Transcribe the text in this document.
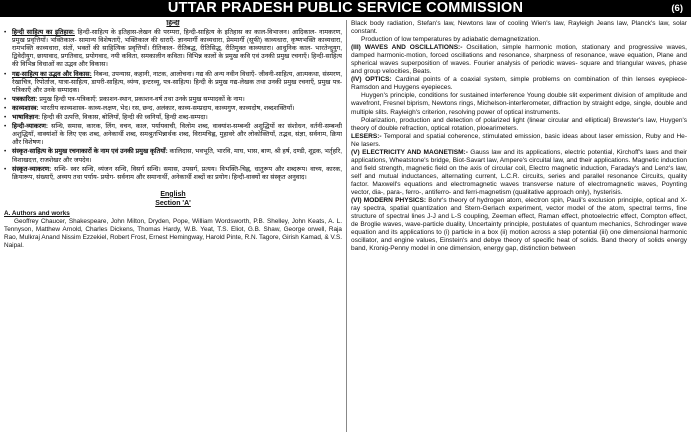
UTTAR PRADESH PUBLIC SERVICE COMMISSION	(6)
हिन्दी
• हिन्दी साहित्य का इतिहास: हिन्दी-साहित्य के इतिहास-लेखन की परम्परा, हिन्दी-साहित्य के इतिहास का काल-विभाजन। आदिकाल- नामकरण, प्रमुख प्रवृत्तियाँ। भक्तिकाल- सामान्य विशेषताएँ, भक्तिकाल की धाराएँ- ज्ञानमार्गी काव्यधारा, प्रेममार्गी (सूफी) काव्यधारा, कृष्णभक्ति काव्यधारा, रामभक्ति काव्यधारा, संतों, भक्तों की साहित्यिक प्रवृत्तियाँ। रीतिकाल- रीतिबद्ध, रीतिसिद्ध, रीतिमुक्त काव्यधारा। आधुनिक काल- भारतेन्दुयुग, द्विवेदीयुग, छायावाद, प्रगतिवाद, प्रयोगवाद, नयी कविता, समकालीन कविता। विभिन्न कालों के प्रमुख कवि एवं उनकी प्रमुख रचनाएँ। हिन्दी-साहित्य की विभिन्न विधाओं का उद्भव और विकास।
• गद्य-साहित्य का उद्भव और विकास: निबन्ध, उपन्यास, कहानी, नाटक, आलोचना। गद्य की अन्य नवीन विधाएँ- जीवनी-साहित्य, आत्मकथा, संस्मरण, रेखाचित्र, रिपोर्ताज, यात्रा-साहित्य, डायरी-साहित्य, व्यंग्य, इन्टरव्यू, पत्र-साहित्य। हिन्दी के प्रमुख गद्य-लेखक तथा उनकी प्रमुख रचनाएँ, प्रमुख पत्र-पत्रिकाएँ और उनके सम्पादक।
• पत्रकारिता: प्रमुख हिन्दी पत्र-पत्रिकाएँ: प्रकाशन-स्थान, प्रकाशन-वर्ष तथा उनके प्रमुख सम्पादकों के नाम।
• काव्यशास्त्र: भारतीय काव्यशास्त्र- काव्य-लक्षण, भेद। रस, छन्द, अलंकार, काव्य-सम्प्रदाय, काव्यगुण, काव्यदोष, शब्दशक्तियाँ।
• भाषाविज्ञान: हिन्दी की उत्पत्ति, विकास, बोलियाँ, हिन्दी की ध्वनियाँ, हिन्दी शब्द-सम्पदा।
• हिन्दी-व्याकरण: सन्धि, समास, कारक, लिंग, वचन, काल, पर्यायवाची, विलोम शब्द, वाक्यांश-सम्बन्धी अशुद्धियों का संशोधन, वर्तनी-सम्बन्धी अशुद्धियाँ, वाक्यांशों के लिए एक शब्द, अनेकार्थी शब्द, समश्रुतभिन्नार्थक शब्द, विरामचिह्न, मुहावरे और लोकोक्तियाँ, तद्भव, संज्ञा, सर्वनाम, क्रिया और विशेषण।
• संस्कृत-साहित्य के प्रमुख रचनाकारों के नाम एवं उनकी प्रमुख कृतियाँ: कालिदास, भवभूति, भारवि, माघ, भास, बाण, श्री हर्ष, दण्डी, शूद्रक, भर्तृहरि, विशाखदत्त, राजशेखर और जयदेव।
• संस्कृत-व्याकरण: सन्धि- स्वर सन्धि, व्यंजन सन्धि, विसर्ग सन्धि। समास, उपसर्ग, प्रत्यय। विभक्ति-चिह्न, धातुरूप और शब्दरूप। वाच्य, कारक, क्रियारूप, संख्याएँ, अव्यय तथा पर्याय- प्रयोग- सर्वनाम और समानार्थी, अनेकार्थी शब्दों का प्रयोग। हिन्दी-वाक्यों का संस्कृत अनुवाद।
English
Section 'A'
A. Authors and works
Geoffrey Chaucer, Shakespeare, John Milton, Dryden, Pope, William Wordsworth, P.B. Shelley, John Keats, A. L. Tennyson, Matthew Arnold, Charles Dickens, Thomas Hardy, W.B. Yeat, T.S. Eliot, G.B. Shaw, George orwell, Raja Rao, Mulkraj Anand Nissim Ezzekiel, Robert Frost, Ernest Hemingway, Harold Pinte, R.N. Tagore, Girish Kamad, & V.S. Naipal.
Black body radiation, Stefan's law, Newtons law of cooling Wien's law, Rayleigh Jeans law, Planck's law, solar constant.
Production of low temperatures by adiabatic demagnetization.
(III) WAVES AND OSCILLATIONS:- Oscillation, simple harmonic motion, stationary and progressive waves, damped harmonic-motion, forced oscillations and resonance, sharpness of resonance, wave equation, Plane and spherical waves superposition of waves. Fourier analysis of periodic waves- square and triangular waves, phase and group velocities, Beats.
(IV) OPTICS: Cardinal points of a coaxial system, simple problems on combination of thin lenses eyepiece- Ramsdon and Huygens eyepieces.
Huygen's principle, conditions for sustained interference Young double slit experiment division of amplitude and wavefront, Fresnel biprism, Newtons rings, Michelson-interferometer, diffraction by straight edge, single, double and multiple slits. Rayleigh's criterion, resolving power of optical instruments.
Polarization, production and detection of polarized light (linear circular and elliptical) Brewster's law, Huygen's theory of double refraction, optical rotation, ploearimeters.
LESERS:- Temporal and spatial coherence, stimulated emission, basic ideas about laser emission, Ruby and He-Ne lasers.
(V) ELECTRICITY AND MAGNETISM:- Gauss law and its applications, electric potential, Kirchoff's laws and their applications, Wheatstone's bridge, Biot-Savart law, Ampere's circuital law, and their applications. Magnetic induction and field strength, magnetic field on the axis of circular coil, Electro magnetic induction, Faraday's and Lenz's law, self and mutual inductances, alternating current, L.C.R. circuits, series and parallel resonance Circuits, quality factor. Maxwell's equations and electromagnetic waves transverse nature of electromagnetic waves, Poynting vector, dia-, para-, ferro-, antiferro- and ferri-magnetism (qualitative approach only), hysterisis.
(VI) MODERN PHYSICS: Bohr's theory of hydrogen atom, electron spin, Pauli's exclusion principle, optical and X-ray spectra, spatial quantization and Stern-Gerlach experiment, vector model of the atom, spectral terms, fine structure of spectral lines J-J and L-S coupling, Zeeman effect, Raman effect, photoelectric effect, Compton effect, de Broglie waves, wave-particle duality, Uncertainty principle, postulates of quantum mechanics, Schrodinger wave equation and its applications to (i) particle in a box (ii) motion across a step potential (iii) one dimensional harmonic oscillator, and engine values, Einstein's and debye theory of specific heat of solids. Band theory of solids energy band, Kronig-Penny model in one dimension, energy gap, distinction between
